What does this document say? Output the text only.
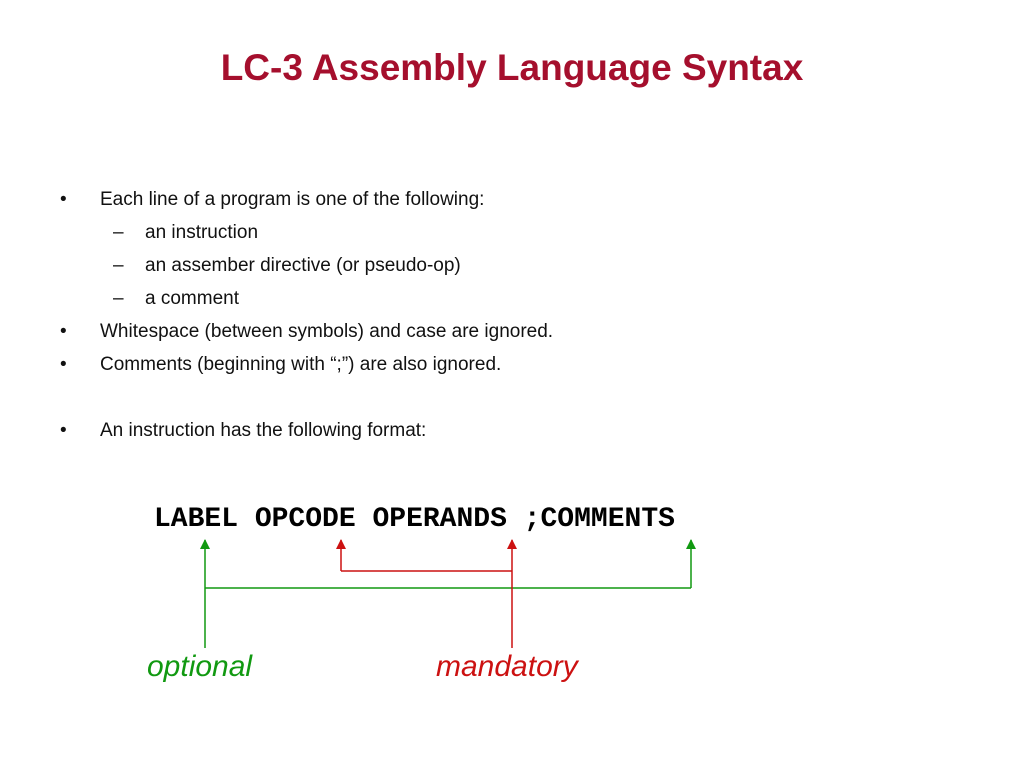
LC-3 Assembly Language Syntax
• Each line of a program is one of the following:
– an instruction
– an assember directive (or pseudo-op)
– a comment
• Whitespace (between symbols) and case are ignored.
• Comments (beginning with “;”) are also ignored.
• An instruction has the following format:
LABEL OPCODE OPERANDS ;COMMENTS
optional	mandatory
